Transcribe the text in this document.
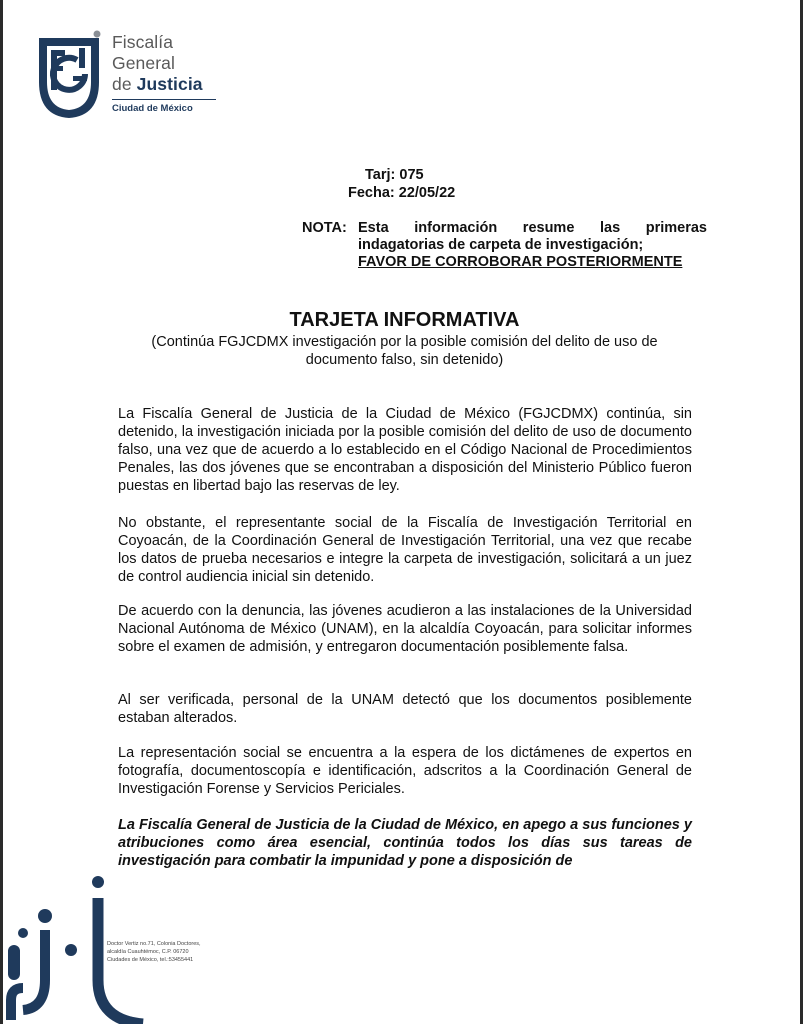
Fiscalía
General
de Justicia
Ciudad de México
Tarj: 075
Fecha: 22/05/22
NOTA: Esta información resume las primeras
indagatorias de carpeta de investigación;
FAVOR DE CORROBORAR POSTERIORMENTE
TARJETA INFORMATIVA
(Continúa FGJCDMX investigación por la posible comisión del delito de uso de documento falso, sin detenido)

La Fiscalía General de Justicia de la Ciudad de México (FGJCDMX) continúa, sin detenido, la investigación iniciada por la posible comisión del delito de uso de documento falso, una vez que de acuerdo a lo establecido en el Código Nacional de Procedimientos Penales, las dos jóvenes que se encontraban a disposición del Ministerio Público fueron puestas en libertad bajo las reservas de ley.

No obstante, el representante social de la Fiscalía de Investigación Territorial en Coyoacán, de la Coordinación General de Investigación Territorial, una vez que recabe los datos de prueba necesarios e integre la carpeta de investigación, solicitará a un juez de control audiencia inicial sin detenido.

De acuerdo con la denuncia, las jóvenes acudieron a las instalaciones de la Universidad Nacional Autónoma de México (UNAM), en la alcaldía Coyoacán, para solicitar informes sobre el examen de admisión, y entregaron documentación posiblemente falsa.

Al ser verificada, personal de la UNAM detectó que los documentos posiblemente estaban alterados.

La representación social se encuentra a la espera de los dictámenes de expertos en fotografía, documentoscopía e identificación, adscritos a la Coordinación General de Investigación Forense y Servicios Periciales.

La Fiscalía General de Justicia de la Ciudad de México, en apego a sus funciones y atribuciones como área esencial, continúa todos los días sus tareas de investigación para combatir la impunidad y pone a disposición de

Doctor Vertiz no.71, Colonia Doctores,
alcaldía Cuauhtémoc, C.P. 06720
Ciudades de México, tel.:53455441
